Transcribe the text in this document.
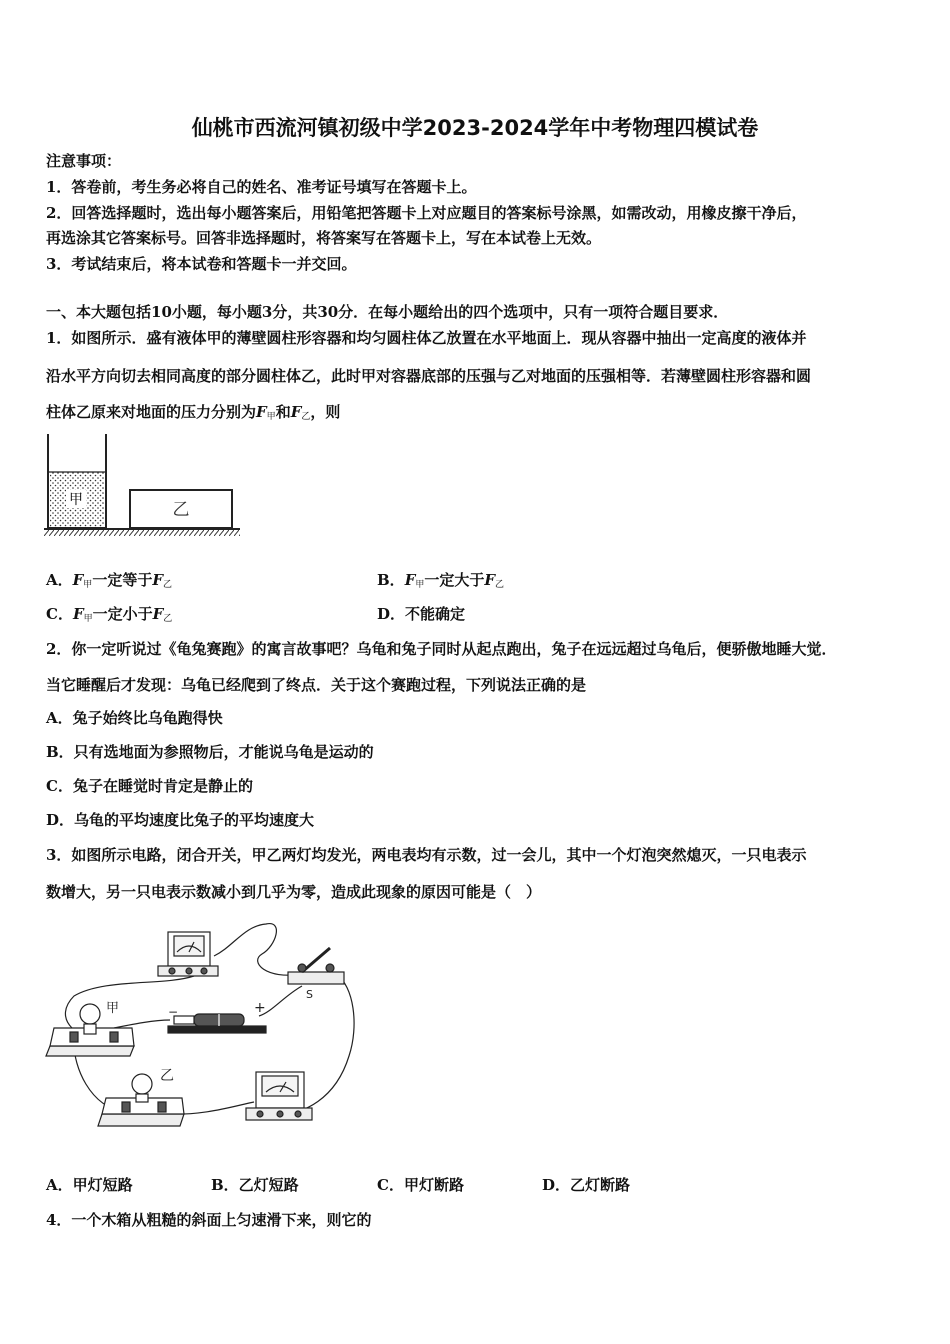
仙桃市西流河镇初级中学2023-2024学年中考物理四模试卷
注意事项：
1．答卷前，考生务必将自己的姓名、准考证号填写在答题卡上。
2．回答选择题时，选出每小题答案后，用铅笔把答题卡上对应题目的答案标号涂黑，如需改动，用橡皮擦干净后，
再选涂其它答案标号。回答非选择题时，将答案写在答题卡上，写在本试卷上无效。
3．考试结束后，将本试卷和答题卡一并交回。
一、本大题包括10小题，每小题3分，共30分．在每小题给出的四个选项中，只有一项符合题目要求．
1．如图所示．盛有液体甲的薄壁圆柱形容器和均匀圆柱体乙放置在水平地面上．现从容器中抽出一定高度的液体并
沿水平方向切去相同高度的部分圆柱体乙，此时甲对容器底部的压强与乙对地面的压强相等．若薄壁圆柱形容器和圆
柱体乙原来对地面的压力分别为$F_甲$和$F_乙$，则
甲	乙
A．$F_甲$一定等于$F_乙$	B．$F_甲$一定大于$F_乙$
C．$F_甲$一定小于$F_乙$	D．不能确定
2．你一定听说过《龟兔赛跑》的寓言故事吧？乌龟和兔子同时从起点跑出，兔子在远远超过乌龟后，便骄傲地睡大觉．
当它睡醒后才发现：乌龟已经爬到了终点．关于这个赛跑过程，下列说法正确的是
A．兔子始终比乌龟跑得快
B．只有选地面为参照物后，才能说乌龟是运动的
C．兔子在睡觉时肯定是静止的
D．乌龟的平均速度比兔子的平均速度大
3．如图所示电路，闭合开关，甲乙两灯均发光，两电表均有示数，过一会儿，其中一个灯泡突然熄灭，一只电表示
数增大，另一只电表示数减小到几乎为零，造成此现象的原因可能是（　）
S
−	+
甲
乙
A．甲灯短路	B．乙灯短路	C．甲灯断路	D．乙灯断路
4．一个木箱从粗糙的斜面上匀速滑下来，则它的
